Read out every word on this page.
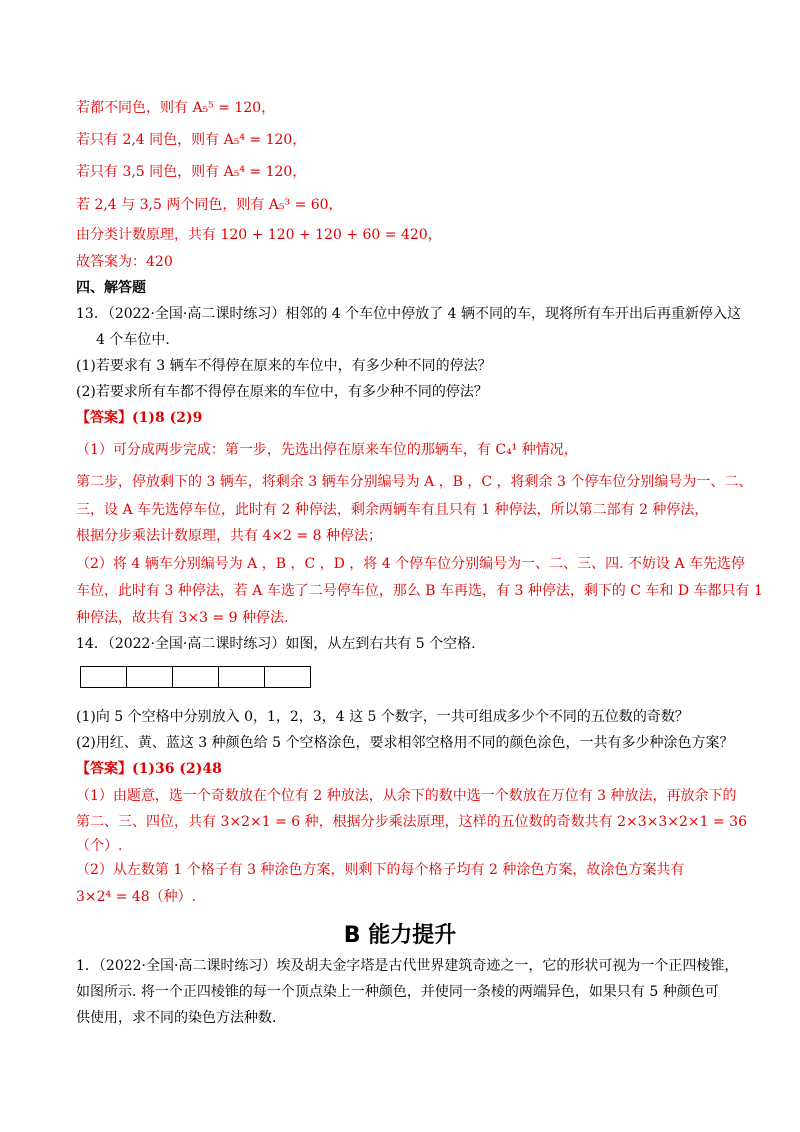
若都不同色，则有 A₅⁵ = 120，
若只有 2,4 同色，则有 A₅⁴ = 120，
若只有 3,5 同色，则有 A₅⁴ = 120，
若 2,4 与 3,5 两个同色，则有 A₅³ = 60，
由分类计数原理，共有 120 + 120 + 120 + 60 = 420，
故答案为：420
四、解答题
13．（2022·全国·高二课时练习）相邻的 4 个车位中停放了 4 辆不同的车，现将所有车开出后再重新停入这
4 个车位中.
(1)若要求有 3 辆车不得停在原来的车位中，有多少种不同的停法？
(2)若要求所有车都不得停在原来的车位中，有多少种不同的停法？
【答案】(1)8 (2)9
（1）可分成两步完成：第一步，先选出停在原来车位的那辆车，有 C₄¹ 种情况，
第二步，停放剩下的 3 辆车，将剩余 3 辆车分别编号为 A ，B ，C ，将剩余 3 个停车位分别编号为一、二、
三，设 A 车先选停车位，此时有 2 种停法，剩余两辆车有且只有 1 种停法，所以第二部有 2 种停法，
根据分步乘法计数原理，共有 4×2 = 8 种停法；
（2）将 4 辆车分别编号为 A ，B ，C ，D ，将 4 个停车位分别编号为一、二、三、四. 不妨设 A 车先选停
车位，此时有 3 种停法，若 A 车选了二号停车位，那么 B 车再选，有 3 种停法，剩下的 C 车和 D 车都只有 1
种停法，故共有 3×3 = 9 种停法.
14．（2022·全国·高二课时练习）如图，从左到右共有 5 个空格.
(1)向 5 个空格中分别放入 0，1，2，3，4 这 5 个数字，一共可组成多少个不同的五位数的奇数？
(2)用红、黄、蓝这 3 种颜色给 5 个空格涂色，要求相邻空格用不同的颜色涂色，一共有多少种涂色方案？
【答案】(1)36 (2)48
（1）由题意，选一个奇数放在个位有 2 种放法，从余下的数中选一个数放在万位有 3 种放法，再放余下的
第二、三、四位，共有 3×2×1 = 6 种，根据分步乘法原理，这样的五位数的奇数共有 2×3×3×2×1 = 36
（个）.
（2）从左数第 1 个格子有 3 种涂色方案，则剩下的每个格子均有 2 种涂色方案，故涂色方案共有
3×2⁴ = 48（种）.
B 能力提升
1．（2022·全国·高二课时练习）埃及胡夫金字塔是古代世界建筑奇迹之一，它的形状可视为一个正四棱锥，
如图所示. 将一个正四棱锥的每一个顶点染上一种颜色，并使同一条棱的两端异色，如果只有 5 种颜色可
供使用，求不同的染色方法种数.
